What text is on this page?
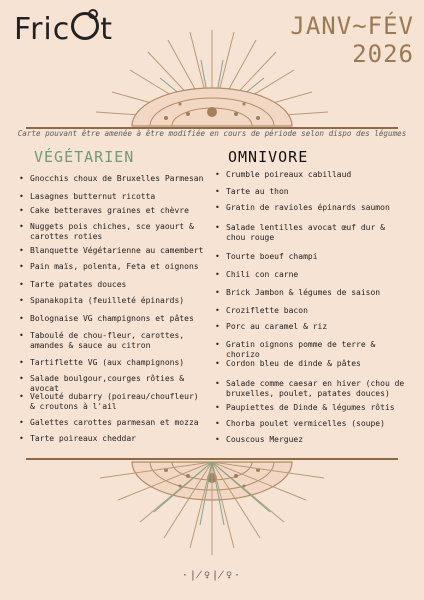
Fric t	JANV~FÉV
2026
Carte pouvant être amenée à être modifiée en cours de période selon dispo des légumes
VÉGÉTARIEN	OMNIVORE
• Gnocchis choux de Bruxelles Parmesan
• Lasagnes butternut ricotta
• Cake betteraves graines et chèvre
• Nuggets pois chiches, sce yaourt & carottes roties
• Blanquette Végétarienne au camembert
• Pain maïs, polenta, Feta et oignons
• Tarte patates douces
• Spanakopita (feuilleté épinards)
• Bolognaise VG champignons et pâtes
• Taboulé de chou-fleur, carottes, amandes & sauce au citron
• Tartiflette VG (aux champignons)
• Salade boulgour,courges rôties & avocat
• Velouté dubarry (poireau/choufleur) & croutons à l'ail
• Galettes carottes parmesan et mozza
• Tarte poireaux cheddar
• Crumble poireaux cabillaud
• Tarte au thon
• Gratin de ravioles épinards saumon
• Salade lentilles avocat œuf dur & chou rouge
• Tourte boeuf champi
• Chili con carne
• Brick Jambon & légumes de saison
• Croziflette bacon
• Porc au caramel & riz
• Gratin oignons pomme de terre & chorizo
• Cordon bleu de dinde & pâtes
• Salade comme caesar en hiver (chou de bruxelles, poulet, patates douces)
• Paupiettes de Dinde & légumes rôtis
• Chorba poulet vermicelles (soupe)
• Couscous Merguez
·∤♀∤♀·
